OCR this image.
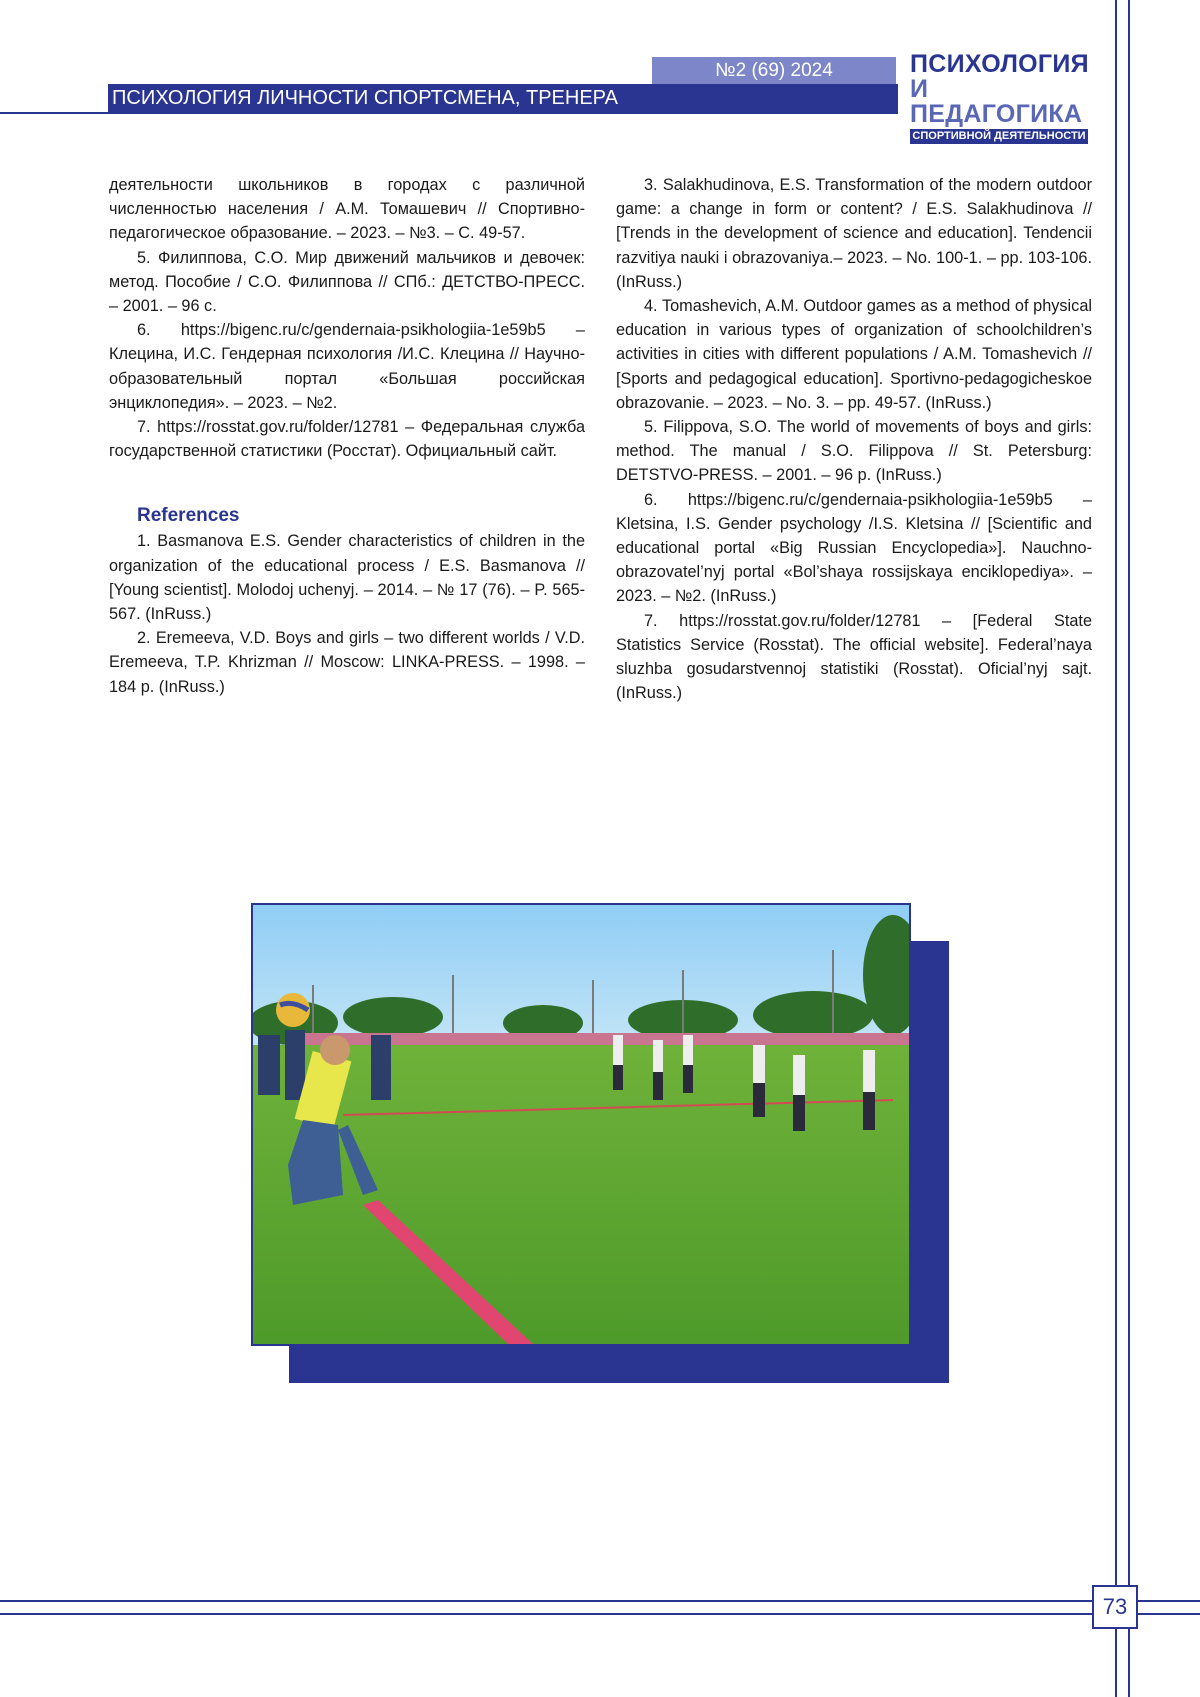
№2 (69) 2024
ПСИХОЛОГИЯ ЛИЧНОСТИ СПОРТСМЕНА, ТРЕНЕРА
ПСИХОЛОГИЯ
И ПЕДАГОГИКА
СПОРТИВНОЙ ДЕЯТЕЛЬНОСТИ

деятельности школьников в городах с различной численностью населения / А.М. Томашевич // Спортивно-педагогическое образование. – 2023. – №3. – С. 49-57.

5. Филиппова, С.О. Мир движений мальчиков и девочек: метод. Пособие / С.О. Филиппова // СПб.: ДЕТСТВО-ПРЕСС. – 2001. – 96 с.

6. https://bigenc.ru/c/gendernaia-psikhologiia-1e59b5 – Клецина, И.С. Гендерная психология /И.С. Клецина // Научно-образовательный портал «Большая российская энциклопедия». – 2023. – №2.

7. https://rosstat.gov.ru/folder/12781 – Федеральная служба государственной статистики (Росстат). Официальный сайт.

References

1. Basmanova E.S. Gender characteristics of children in the organization of the educational process / E.S. Basmanova // [Young scientist]. Molodoj uchenyj. – 2014. – № 17 (76). – P. 565-567. (InRuss.)

2. Eremeeva, V.D. Boys and girls – two different worlds / V.D. Eremeeva, T.P. Khrizman // Moscow: LINKA-PRESS. – 1998. – 184 p. (InRuss.)

3. Salakhudinova, E.S. Transformation of the modern outdoor game: a change in form or content? / E.S. Salakhudinova // [Trends in the development of science and education]. Tendencii razvitiya nauki i obrazovaniya.– 2023. – No. 100-1. – pp. 103-106. (InRuss.)

4. Tomashevich, A.M. Outdoor games as a method of physical education in various types of organization of schoolchildren’s activities in cities with different populations / A.M. Tomashevich // [Sports and pedagogical education]. Sportivno-pedagogicheskoe obrazovanie. – 2023. – No. 3. – pp. 49-57. (InRuss.)

5. Filippova, S.O. The world of movements of boys and girls: method. The manual / S.O. Filippova // St. Petersburg: DETSTVO-PRESS. – 2001. – 96 p. (InRuss.)

6. https://bigenc.ru/c/gendernaia-psikhologiia-1e59b5 – Kletsina, I.S. Gender psychology /I.S. Kletsina // [Scientific and educational portal «Big Russian Encyclopedia»]. Nauchno-obrazovatel’nyj portal «Bol’shaya rossijskaya enciklopediya». – 2023. – №2. (InRuss.)

7. https://rosstat.gov.ru/folder/12781 – [Federal State Statistics Service (Rosstat). The official website]. Federal’naya sluzhba gosudarstvennoj statistiki (Rosstat). Oficial’nyj sajt. (InRuss.)

73
